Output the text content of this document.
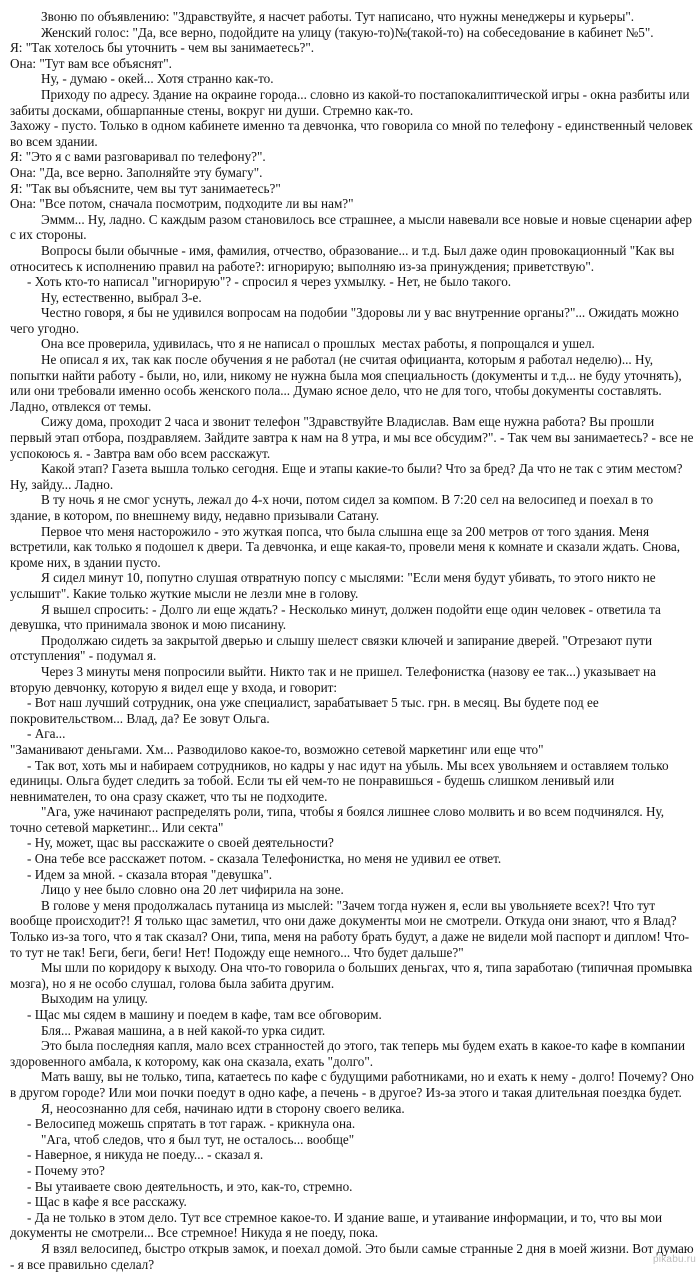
Звоню по объявлению: "Здравствуйте, я насчет работы. Тут написано, что нужны менеджеры и курьеры".

Женский голос: "Да, все верно, подойдите на улицу (такую-то)№(такой-то) на собеседование в кабинет №5".

Я: "Так хотелось бы уточнить - чем вы занимаетесь?".

Она: "Тут вам все объяснят".

Ну, - думаю - окей... Хотя странно как-то.

Приходу по адресу. Здание на окраине города... словно из какой-то постапокалиптической игры - окна разбиты или забиты досками, обшарпанные стены, вокруг ни души. Стремно как-то.

Захожу - пусто. Только в одном кабинете именно та девчонка, что говорила со мной по телефону - единственный человек во всем здании.

Я: "Это я с вами разговаривал по телефону?".

Она: "Да, все верно. Заполняйте эту бумагу".

Я: "Так вы объясните, чем вы тут занимаетесь?"

Она: "Все потом, сначала посмотрим, подходите ли вы нам?"

Эммм... Ну, ладно. С каждым разом становилось все страшнее, а мысли навевали все новые и новые сценарии афер с их стороны.

Вопросы были обычные - имя, фамилия, отчество, образование... и т.д. Был даже один провокационный "Как вы относитесь к исполнению правил на работе?: игнорирую; выполняю из-за принуждения; приветствую".

- Хоть кто-то написал "игнорирую"? - спросил я через ухмылку. - Нет, не было такого.

Ну, естественно, выбрал 3-е.

Честно говоря, я бы не удивился вопросам на подобии "Здоровы ли у вас внутренние органы?"... Ожидать можно чего угодно.

Она все проверила, удивилась, что я не написал о прошлых  местах работы, я попрощался и ушел.

Не описал я их, так как после обучения я не работал (не считая официанта, которым я работал неделю)... Ну, попытки найти работу - были, но, или, никому не нужна была моя специальность (документы и т.д... не буду уточнять), или они требовали именно особь женского пола... Думаю ясное дело, что не для того, чтобы документы составлять. Ладно, отвлекся от темы.

Сижу дома, проходит 2 часа и звонит телефон "Здравствуйте Владислав. Вам еще нужна работа? Вы прошли первый этап отбора, поздравляем. Зайдите завтра к нам на 8 утра, и мы все обсудим?". - Так чем вы занимаетесь? - все не успокоюсь я. - Завтра вам обо всем расскажут.

Какой этап? Газета вышла только сегодня. Еще и этапы какие-то были? Что за бред? Да что не так с этим местом? Ну, зайду... Ладно.

В ту ночь я не смог уснуть, лежал до 4-х ночи, потом сидел за компом. В 7:20 сел на велосипед и поехал в то здание, в котором, по внешнему виду, недавно призывали Сатану.

Первое что меня насторожило - это жуткая попса, что была слышна еще за 200 метров от того здания. Меня встретили, как только я подошел к двери. Та девчонка, и еще какая-то, провели меня к комнате и сказали ждать. Снова, кроме них, в здании пусто.

Я сидел минут 10, попутно слушая отвратную попсу с мыслями: "Если меня будут убивать, то этого никто не услышит". Какие только жуткие мысли не лезли мне в голову.

Я вышел спросить: - Долго ли еще ждать? - Несколько минут, должен подойти еще один человек - ответила та девушка, что принимала звонок и мою писанину.

Продолжаю сидеть за закрытой дверью и слышу шелест связки ключей и запирание дверей. "Отрезают пути отступления" - подумал я.

Через 3 минуты меня попросили выйти. Никто так и не пришел. Телефонистка (назову ее так...) указывает на вторую девчонку, которую я видел еще у входа, и говорит:

- Вот наш лучший сотрудник, она уже специалист, зарабатывает 5 тыс. грн. в месяц. Вы будете под ее покровительством... Влад, да? Ее зовут Ольга.

- Ага...

"Заманивают деньгами. Хм... Разводилово какое-то, возможно сетевой маркетинг или еще что"

- Так вот, хоть мы и набираем сотрудников, но кадры у нас идут на убыль. Мы всех увольняем и оставляем только единицы. Ольга будет следить за тобой. Если ты ей чем-то не понравишься - будешь слишком ленивый или невнимателен, то она сразу скажет, что ты не подходите.

"Ага, уже начинают распределять роли, типа, чтобы я боялся лишнее слово молвить и во всем подчинялся. Ну, точно сетевой маркетинг... Или секта"

- Ну, может, щас вы расскажите о своей деятельности?

- Она тебе все расскажет потом. - сказала Телефонистка, но меня не удивил ее ответ.

- Идем за мной. - сказала вторая "девушка".

Лицо у нее было словно она 20 лет чифирила на зоне.

В голове у меня продолжалась путаница из мыслей: "Зачем тогда нужен я, если вы увольняете всех?! Что тут вообще происходит?! Я только щас заметил, что они даже документы мои не смотрели. Откуда они знают, что я Влад? Только из-за того, что я так сказал? Они, типа, меня на работу брать будут, а даже не видели мой паспорт и диплом! Что-то тут не так! Беги, беги, беги! Нет! Подожду еще немного... Что будет дальше?"

Мы шли по коридору к выходу. Она что-то говорила о больших деньгах, что я, типа заработаю (типичная промывка мозга), но я не особо слушал, голова была забита другим.

Выходим на улицу.

- Щас мы сядем в машину и поедем в кафе, там все обговорим.

Бля... Ржавая машина, а в ней какой-то урка сидит.

Это была последняя капля, мало всех странностей до этого, так теперь мы будем ехать в какое-то кафе в компании здоровенного амбала, к которому, как она сказала, ехать "долго".

Мать вашу, вы не только, типа, катаетесь по кафе с будущими работниками, но и ехать к нему - долго! Почему? Оно в другом городе? Или мои почки поедут в одно кафе, а печень - в другое? Из-за этого и такая длительная поездка будет.

Я, неосознанно для себя, начинаю идти в сторону своего велика.

- Велосипед можешь спрятать в тот гараж. - крикнула она.

"Ага, чтоб следов, что я был тут, не осталось... вообще"

- Наверное, я никуда не поеду... - сказал я.

- Почему это?

- Вы утаиваете свою деятельность, и это, как-то, стремно.

- Щас в кафе я все расскажу.

- Да не только в этом дело. Тут все стремное какое-то. И здание ваше, и утаивание информации, и то, что вы мои документы не смотрели... Все стремное! Никуда я не поеду, пока.

Я взял велосипед, быстро открыв замок, и поехал домой. Это были самые странные 2 дня в моей жизни. Вот думаю - я все правильно сделал?	pikabu.ru
